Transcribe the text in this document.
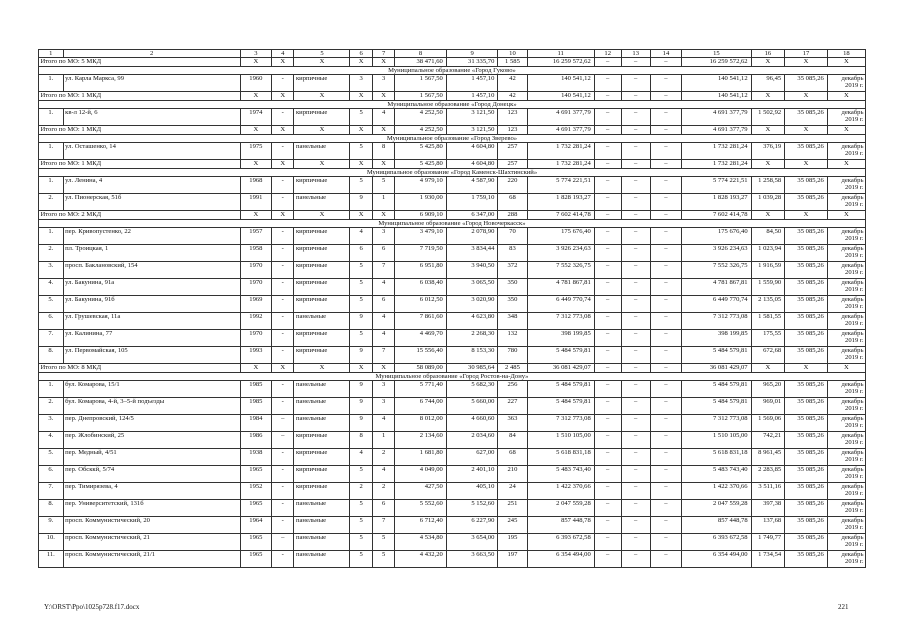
1	2	3	4	5	6	7	8	9	10	11	12	13	14	15	16	17	18
Итого по МО: 5 МКД		X	X	X	X	X	38 471,60	31 335,70	1 585	16 259 572,62	–	–	–	16 259 572,62	X	X	X
Муниципальное образование «Город Гуково»																	
1.	ул. Карла Маркса, 99	1960	-	кирпичные	3	3	1 567,50	1 457,10	42	140 541,12	–	–	–	140 541,12	96,45	35 085,26	декабрь 2019 г.
Итого по МО: 1 МКД		X	X	X	X	X	1 567,50	1 457,10	42	140 541,12	–	–	–	140 541,12	X	X	X
Муниципальное образование «Город Донецк»																	
1.	кв-л 12-й, 6	1974	-	кирпичные	5	4	4 252,50	3 121,50	123	4 691 377,79	–	–	–	4 691 377,79	1 502,92	35 085,26	декабрь 2019 г.
Итого по МО: 1 МКД		X	X	X	X	X	4 252,50	3 121,50	123	4 691 377,79	–	–	–	4 691 377,79	X	X	X
Муниципальное образование «Город Зверево»																	
1.	ул. Осташенко, 14	1975	-	панельные	5	8	5 425,80	4 604,80	257	1 732 281,24	–	–	–	1 732 281,24	376,19	35 085,26	декабрь 2019 г.
Итого по МО: 1 МКД		X	X	X	X	X	5 425,80	4 604,80	257	1 732 281,24	–	–	–	1 732 281,24	X	X	X
Муниципальное образование «Город Каменск-Шахтинский»																	
1.	ул. Ленина, 4	1968	-	кирпичные	5	5	4 979,10	4 587,90	220	5 774 221,51	–	–	–	5 774 221,51	1 258,58	35 085,26	декабрь 2019 г.
2.	ул. Пионерская, 51б	1991	-	панельные	9	1	1 930,00	1 759,10	68	1 828 193,27	–	–	–	1 828 193,27	1 039,28	35 085,26	декабрь 2019 г.
Итого по МО: 2 МКД		X	X	X	X	X	6 909,10	6 347,00	288	7 602 414,78	–	–	–	7 602 414,78	X	X	X
Муниципальное образование «Город Новочеркасск»																	
1.	пер. Кривопустенко, 22	1957	-	кирпичные	4	3	3 479,10	2 078,90	70	175 676,40	–	–	–	175 676,40	84,50	35 085,26	декабрь 2019 г.
2.	пл. Троицкая, 1	1958	-	кирпичные	6	6	7 719,50	3 834,44	83	3 926 234,63	–	–	–	3 926 234,63	1 023,94	35 085,26	декабрь 2019 г.
3.	просп. Баклановский, 154	1970	-	кирпичные	5	7	6 951,80	3 940,50	372	7 552 326,75	–	–	–	7 552 326,75	1 916,59	35 085,26	декабрь 2019 г.
4.	ул. Бакунина, 91а	1970	-	кирпичные	5	4	6 038,40	3 065,50	350	4 781 867,81	–	–	–	4 781 867,81	1 559,90	35 085,26	декабрь 2019 г.
5.	ул. Бакунина, 91б	1969	-	кирпичные	5	6	6 012,50	3 020,90	350	6 449 770,74	–	–	–	6 449 770,74	2 135,05	35 085,26	декабрь 2019 г.
6.	ул. Грушевская, 11а	1992	-	панельные	9	4	7 861,60	4 623,80	348	7 312 773,08	–	–	–	7 312 773,08	1 581,55	35 085,26	декабрь 2019 г.
7.	ул. Калинина, 77	1970	-	кирпичные	5	4	4 469,70	2 268,30	132	398 199,85	–	–	–	398 199,85	175,55	35 085,26	декабрь 2019 г.
8.	ул. Первомайская, 105	1993	-	кирпичные	9	7	15 556,40	8 153,30	780	5 484 579,81	–	–	–	5 484 579,81	672,68	35 085,26	декабрь 2019 г.
Итого по МО: 8 МКД		X	X	X	X	X	58 089,00	30 985,64	2 485	36 081 429,07	–	–	–	36 081 429,07	X	X	X
Муниципальное образование «Город Ростов-на-Дону»																	
1.	бул. Комарова, 15/1	1985	-	панельные	9	3	5 771,40	5 682,30	256	5 484 579,81	–	–	–	5 484 579,81	965,20	35 085,26	декабрь 2019 г.
2.	бул. Комарова, 4-й, 3–5-й подъезды	1985	-	панельные	9	3	6 744,00	5 660,00	227	5 484 579,81	–	–	–	5 484 579,81	969,01	35 085,26	декабрь 2019 г.
3.	пер. Днепровский, 124/5	1984	–	панельные	9	4	8 012,00	4 660,60	363	7 312 773,08	–	–	–	7 312 773,08	1 569,06	35 085,26	декабрь 2019 г.
4.	пер. Жлобинский, 25	1986	–	кирпичные	8	1	2 134,60	2 034,60	84	1 510 105,00	–	–	–	1 510 105,00	742,21	35 085,26	декабрь 2019 г.
5.	пер. Медный, 4/51	1938	-	кирпичные	4	2	1 681,80	627,00	68	5 618 831,18	–	–	–	5 618 831,18	8 961,45	35 085,26	декабрь 2019 г.
6.	пер. Обсккй, 5/74	1965	-	кирпичные	5	4	4 049,00	2 401,10	210	5 483 743,40	–	–	–	5 483 743,40	2 283,85	35 085,26	декабрь 2019 г.
7.	пер. Тимирязева, 4	1952	-	кирпичные	2	2	427,50	405,10	24	1 422 370,66	–	–	–	1 422 370,66	3 511,16	35 085,26	декабрь 2019 г.
8.	пер. Университетский, 131б	1965	-	панельные	5	6	5 552,60	5 152,60	251	2 047 559,28	–	–	–	2 047 559,28	397,38	35 085,26	декабрь 2019 г.
9.	просп. Коммунистический, 20	1964	-	панельные	5	7	6 712,40	6 227,90	245	857 448,78	–	–	–	857 448,78	137,68	35 085,26	декабрь 2019 г.
10.	просп. Коммунистический, 21	1965	–	панельные	5	5	4 534,80	3 654,00	195	6 393 672,58	–	–	–	6 393 672,58	1 749,77	35 085,26	декабрь 2019 г.
11.	просп. Коммунистический, 21/1	1965	-	панельные	5	5	4 432,20	3 663,50	197	6 354 494,00	–	–	–	6 354 494,00	1 734,54	35 085,26	декабрь 2019 г.
Y:\ORST\Ppo\1025p728.f17.docx	221
